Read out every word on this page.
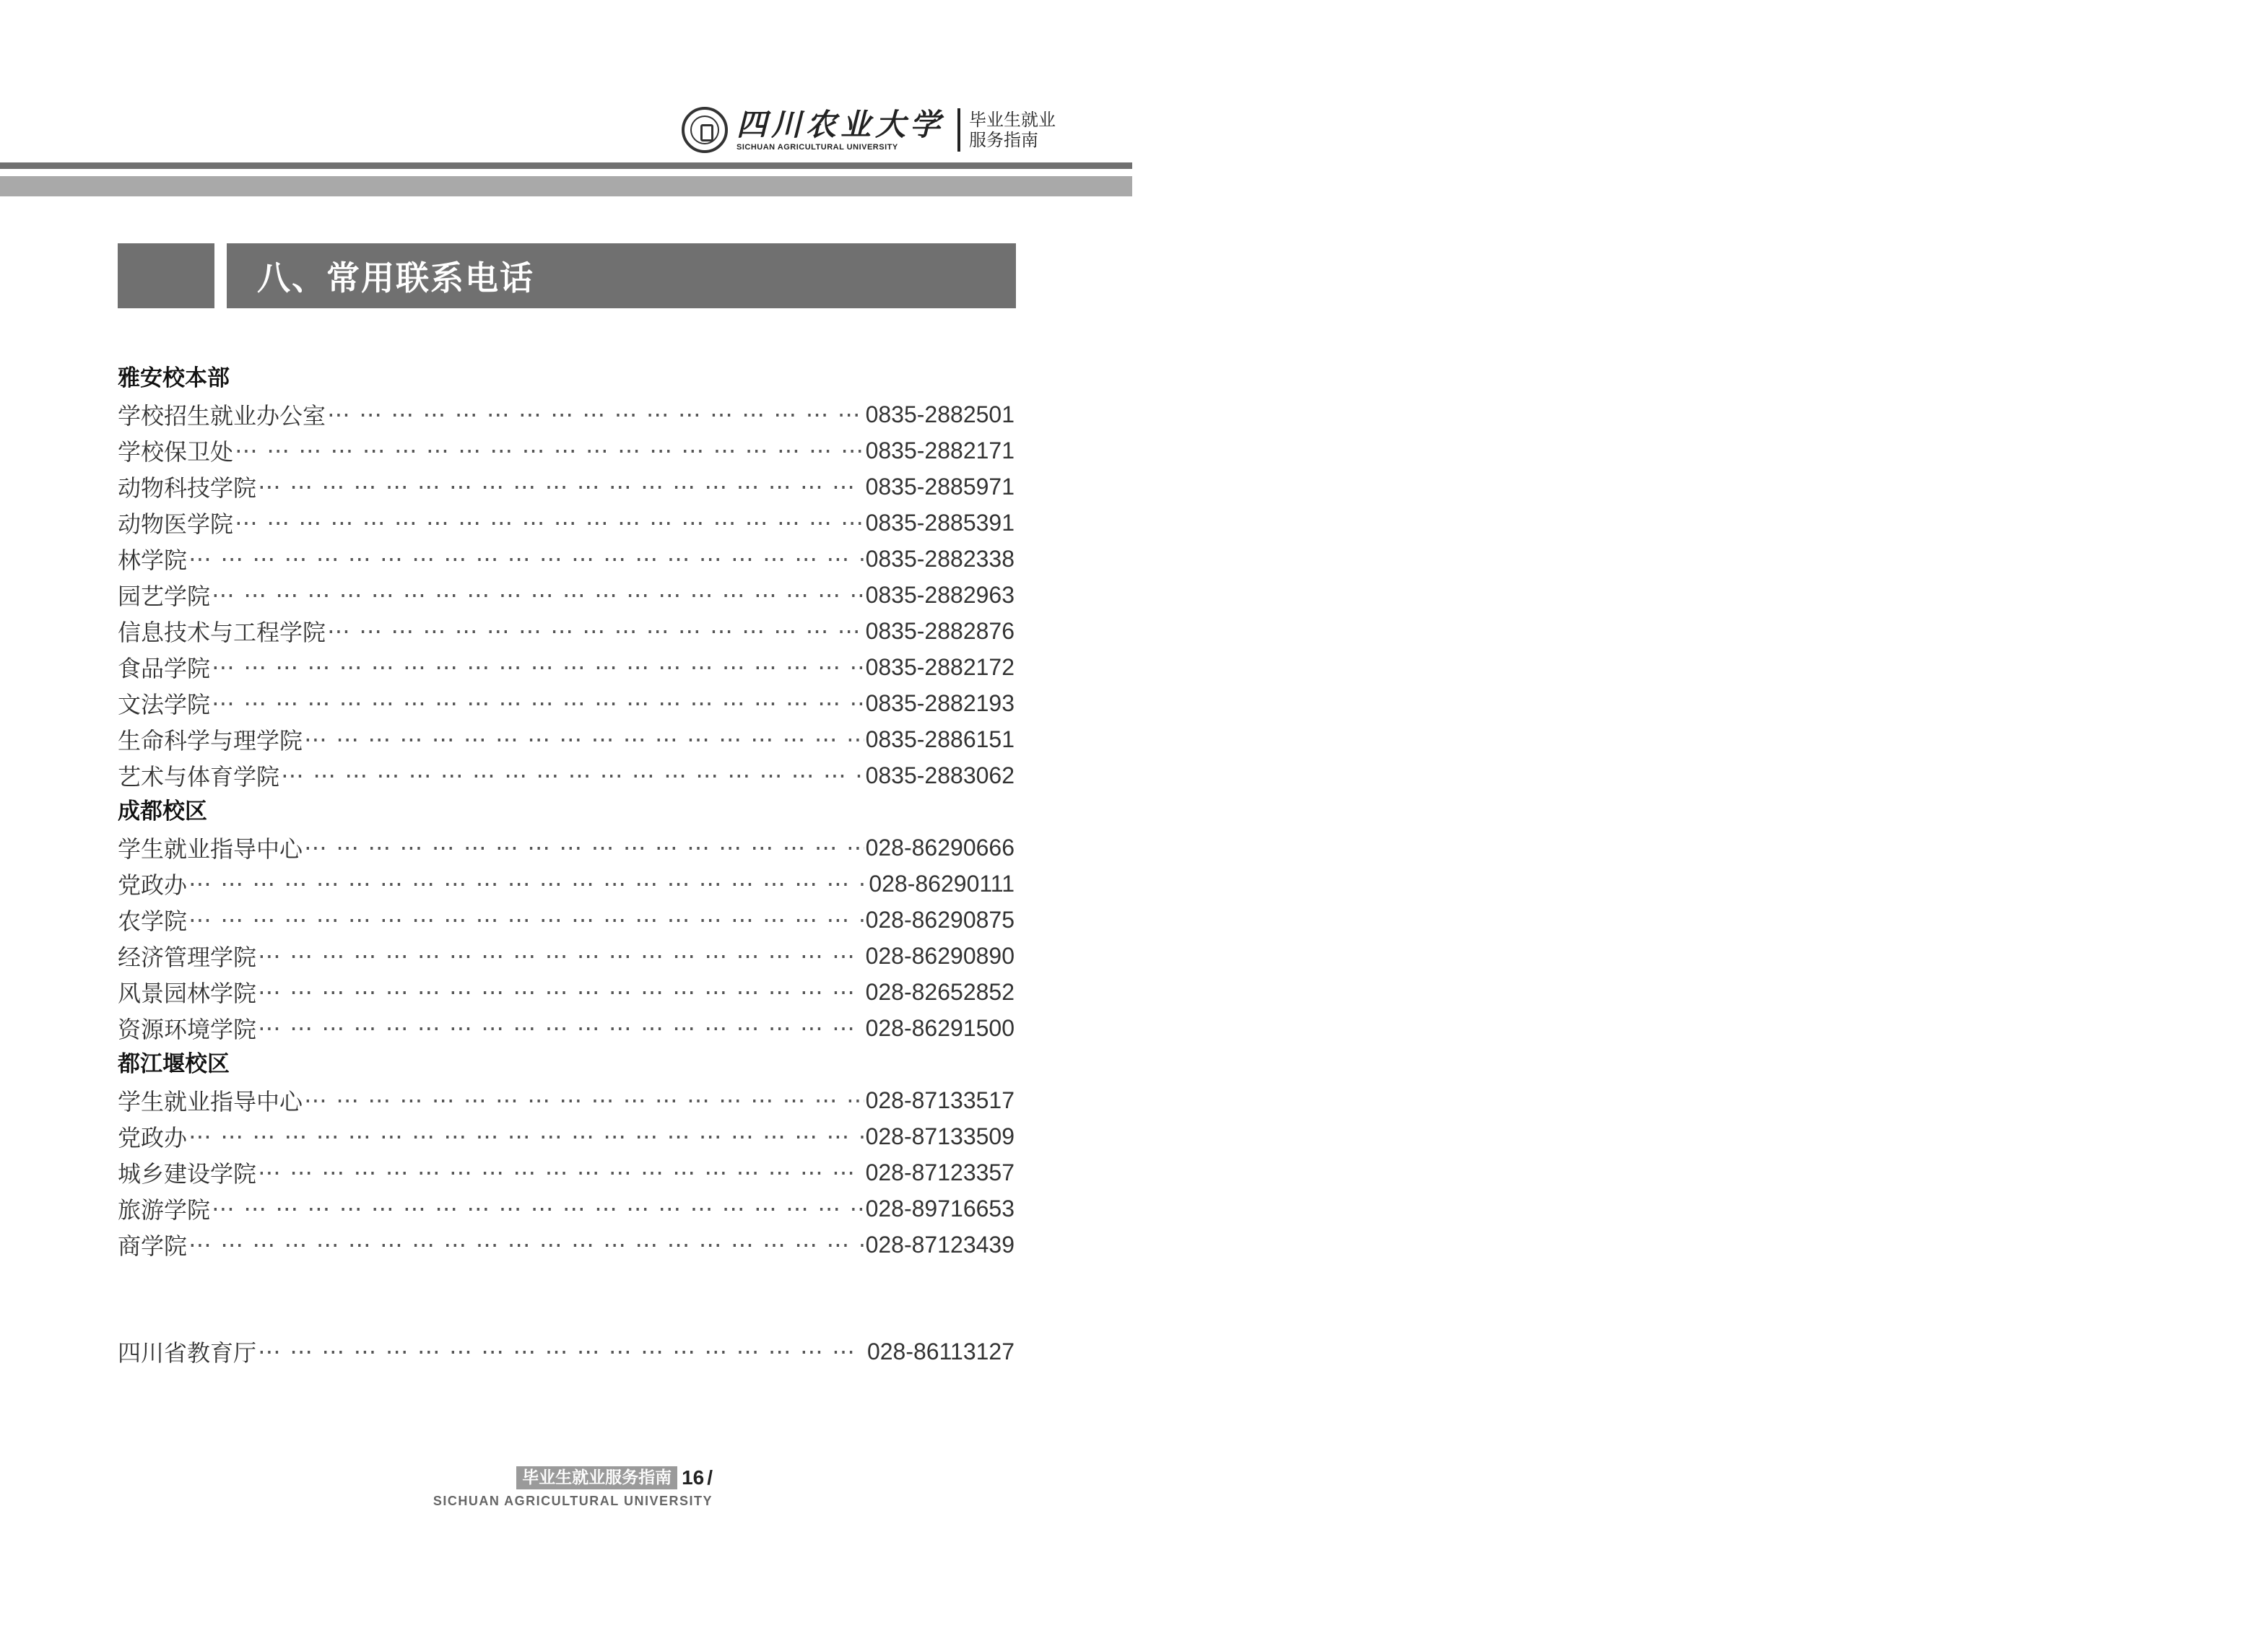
四川农业大学
SICHUAN AGRICULTURAL UNIVERSITY
毕业生就业
服务指南
八、常用联系电话
雅安校本部
学校招生就业办公室 ⋯ ⋯ ⋯ ⋯ ⋯ ⋯ ⋯ ⋯ ⋯ ⋯ ⋯ ⋯ ⋯ ⋯ ⋯ ⋯ ⋯ ⋯ ⋯ ⋯ ⋯ ⋯ ⋯ ⋯ ⋯ ⋯ ⋯ ⋯ ⋯ ⋯ ⋯ ⋯ ⋯ ⋯ ⋯ ⋯ ⋯ ⋯ ⋯ ⋯ ⋯ ⋯ ⋯ ⋯ ⋯ ⋯ ⋯ ⋯ ⋯ ⋯ ⋯ ⋯ ⋯ ⋯ ⋯ ⋯ ⋯ ⋯ ⋯ ⋯ ⋯ ⋯ ⋯ ⋯ ⋯ ⋯ ⋯ ⋯ ⋯ ⋯	0835-2882501
学校保卫处 ⋯ ⋯ ⋯ ⋯ ⋯ ⋯ ⋯ ⋯ ⋯ ⋯ ⋯ ⋯ ⋯ ⋯ ⋯ ⋯ ⋯ ⋯ ⋯ ⋯ ⋯ ⋯ ⋯ ⋯ ⋯ ⋯ ⋯ ⋯ ⋯ ⋯ ⋯ ⋯ ⋯ ⋯ ⋯ ⋯ ⋯ ⋯ ⋯ ⋯ ⋯ ⋯ ⋯ ⋯ ⋯ ⋯ ⋯ ⋯ ⋯ ⋯ ⋯ ⋯ ⋯ ⋯ ⋯ ⋯ ⋯ ⋯ ⋯ ⋯ ⋯ ⋯ ⋯ ⋯ ⋯ ⋯ ⋯ ⋯ ⋯ ⋯	0835-2882171
动物科技学院 ⋯ ⋯ ⋯ ⋯ ⋯ ⋯ ⋯ ⋯ ⋯ ⋯ ⋯ ⋯ ⋯ ⋯ ⋯ ⋯ ⋯ ⋯ ⋯ ⋯ ⋯ ⋯ ⋯ ⋯ ⋯ ⋯ ⋯ ⋯ ⋯ ⋯ ⋯ ⋯ ⋯ ⋯ ⋯ ⋯ ⋯ ⋯ ⋯ ⋯ ⋯ ⋯ ⋯ ⋯ ⋯ ⋯ ⋯ ⋯ ⋯ ⋯ ⋯ ⋯ ⋯ ⋯ ⋯ ⋯ ⋯ ⋯ ⋯ ⋯ ⋯ ⋯ ⋯ ⋯ ⋯ ⋯ ⋯ ⋯ ⋯ ⋯	0835-2885971
动物医学院 ⋯ ⋯ ⋯ ⋯ ⋯ ⋯ ⋯ ⋯ ⋯ ⋯ ⋯ ⋯ ⋯ ⋯ ⋯ ⋯ ⋯ ⋯ ⋯ ⋯ ⋯ ⋯ ⋯ ⋯ ⋯ ⋯ ⋯ ⋯ ⋯ ⋯ ⋯ ⋯ ⋯ ⋯ ⋯ ⋯ ⋯ ⋯ ⋯ ⋯ ⋯ ⋯ ⋯ ⋯ ⋯ ⋯ ⋯ ⋯ ⋯ ⋯ ⋯ ⋯ ⋯ ⋯ ⋯ ⋯ ⋯ ⋯ ⋯ ⋯ ⋯ ⋯ ⋯ ⋯ ⋯ ⋯ ⋯ ⋯ ⋯ ⋯	0835-2885391
林学院 ⋯ ⋯ ⋯ ⋯ ⋯ ⋯ ⋯ ⋯ ⋯ ⋯ ⋯ ⋯ ⋯ ⋯ ⋯ ⋯ ⋯ ⋯ ⋯ ⋯ ⋯ ⋯ ⋯ ⋯ ⋯ ⋯ ⋯ ⋯ ⋯ ⋯ ⋯ ⋯ ⋯ ⋯ ⋯ ⋯ ⋯ ⋯ ⋯ ⋯ ⋯ ⋯ ⋯ ⋯ ⋯ ⋯ ⋯ ⋯ ⋯ ⋯ ⋯ ⋯ ⋯ ⋯ ⋯ ⋯ ⋯ ⋯ ⋯ ⋯ ⋯ ⋯ ⋯ ⋯ ⋯ ⋯ ⋯ ⋯ ⋯ ⋯	0835-2882338
园艺学院 ⋯ ⋯ ⋯ ⋯ ⋯ ⋯ ⋯ ⋯ ⋯ ⋯ ⋯ ⋯ ⋯ ⋯ ⋯ ⋯ ⋯ ⋯ ⋯ ⋯ ⋯ ⋯ ⋯ ⋯ ⋯ ⋯ ⋯ ⋯ ⋯ ⋯ ⋯ ⋯ ⋯ ⋯ ⋯ ⋯ ⋯ ⋯ ⋯ ⋯ ⋯ ⋯ ⋯ ⋯ ⋯ ⋯ ⋯ ⋯ ⋯ ⋯ ⋯ ⋯ ⋯ ⋯ ⋯ ⋯ ⋯ ⋯ ⋯ ⋯ ⋯ ⋯ ⋯ ⋯ ⋯ ⋯ ⋯ ⋯ ⋯ ⋯	0835-2882963
信息技术与工程学院 ⋯ ⋯ ⋯ ⋯ ⋯ ⋯ ⋯ ⋯ ⋯ ⋯ ⋯ ⋯ ⋯ ⋯ ⋯ ⋯ ⋯ ⋯ ⋯ ⋯ ⋯ ⋯ ⋯ ⋯ ⋯ ⋯ ⋯ ⋯ ⋯ ⋯ ⋯ ⋯ ⋯ ⋯ ⋯ ⋯ ⋯ ⋯ ⋯ ⋯ ⋯ ⋯ ⋯ ⋯ ⋯ ⋯ ⋯ ⋯ ⋯ ⋯ ⋯ ⋯ ⋯ ⋯ ⋯ ⋯ ⋯ ⋯ ⋯ ⋯ ⋯ ⋯ ⋯ ⋯ ⋯ ⋯ ⋯ ⋯ ⋯ ⋯	0835-2882876
食品学院 ⋯ ⋯ ⋯ ⋯ ⋯ ⋯ ⋯ ⋯ ⋯ ⋯ ⋯ ⋯ ⋯ ⋯ ⋯ ⋯ ⋯ ⋯ ⋯ ⋯ ⋯ ⋯ ⋯ ⋯ ⋯ ⋯ ⋯ ⋯ ⋯ ⋯ ⋯ ⋯ ⋯ ⋯ ⋯ ⋯ ⋯ ⋯ ⋯ ⋯ ⋯ ⋯ ⋯ ⋯ ⋯ ⋯ ⋯ ⋯ ⋯ ⋯ ⋯ ⋯ ⋯ ⋯ ⋯ ⋯ ⋯ ⋯ ⋯ ⋯ ⋯ ⋯ ⋯ ⋯ ⋯ ⋯ ⋯ ⋯ ⋯ ⋯	0835-2882172
文法学院 ⋯ ⋯ ⋯ ⋯ ⋯ ⋯ ⋯ ⋯ ⋯ ⋯ ⋯ ⋯ ⋯ ⋯ ⋯ ⋯ ⋯ ⋯ ⋯ ⋯ ⋯ ⋯ ⋯ ⋯ ⋯ ⋯ ⋯ ⋯ ⋯ ⋯ ⋯ ⋯ ⋯ ⋯ ⋯ ⋯ ⋯ ⋯ ⋯ ⋯ ⋯ ⋯ ⋯ ⋯ ⋯ ⋯ ⋯ ⋯ ⋯ ⋯ ⋯ ⋯ ⋯ ⋯ ⋯ ⋯ ⋯ ⋯ ⋯ ⋯ ⋯ ⋯ ⋯ ⋯ ⋯ ⋯ ⋯ ⋯ ⋯ ⋯	0835-2882193
生命科学与理学院 ⋯ ⋯ ⋯ ⋯ ⋯ ⋯ ⋯ ⋯ ⋯ ⋯ ⋯ ⋯ ⋯ ⋯ ⋯ ⋯ ⋯ ⋯ ⋯ ⋯ ⋯ ⋯ ⋯ ⋯ ⋯ ⋯ ⋯ ⋯ ⋯ ⋯ ⋯ ⋯ ⋯ ⋯ ⋯ ⋯ ⋯ ⋯ ⋯ ⋯ ⋯ ⋯ ⋯ ⋯ ⋯ ⋯ ⋯ ⋯ ⋯ ⋯ ⋯ ⋯ ⋯ ⋯ ⋯ ⋯ ⋯ ⋯ ⋯ ⋯ ⋯ ⋯ ⋯ ⋯ ⋯ ⋯ ⋯ ⋯ ⋯ ⋯	0835-2886151
艺术与体育学院 ⋯ ⋯ ⋯ ⋯ ⋯ ⋯ ⋯ ⋯ ⋯ ⋯ ⋯ ⋯ ⋯ ⋯ ⋯ ⋯ ⋯ ⋯ ⋯ ⋯ ⋯ ⋯ ⋯ ⋯ ⋯ ⋯ ⋯ ⋯ ⋯ ⋯ ⋯ ⋯ ⋯ ⋯ ⋯ ⋯ ⋯ ⋯ ⋯ ⋯ ⋯ ⋯ ⋯ ⋯ ⋯ ⋯ ⋯ ⋯ ⋯ ⋯ ⋯ ⋯ ⋯ ⋯ ⋯ ⋯ ⋯ ⋯ ⋯ ⋯ ⋯ ⋯ ⋯ ⋯ ⋯ ⋯ ⋯ ⋯ ⋯ ⋯	0835-2883062
成都校区
学生就业指导中心 ⋯ ⋯ ⋯ ⋯ ⋯ ⋯ ⋯ ⋯ ⋯ ⋯ ⋯ ⋯ ⋯ ⋯ ⋯ ⋯ ⋯ ⋯ ⋯ ⋯ ⋯ ⋯ ⋯ ⋯ ⋯ ⋯ ⋯ ⋯ ⋯ ⋯ ⋯ ⋯ ⋯ ⋯ ⋯ ⋯ ⋯ ⋯ ⋯ ⋯ ⋯ ⋯ ⋯ ⋯ ⋯ ⋯ ⋯ ⋯ ⋯ ⋯ ⋯ ⋯ ⋯ ⋯ ⋯ ⋯ ⋯ ⋯ ⋯ ⋯ ⋯ ⋯ ⋯ ⋯ ⋯ ⋯ ⋯ ⋯ ⋯ ⋯	028-86290666
党政办 ⋯ ⋯ ⋯ ⋯ ⋯ ⋯ ⋯ ⋯ ⋯ ⋯ ⋯ ⋯ ⋯ ⋯ ⋯ ⋯ ⋯ ⋯ ⋯ ⋯ ⋯ ⋯ ⋯ ⋯ ⋯ ⋯ ⋯ ⋯ ⋯ ⋯ ⋯ ⋯ ⋯ ⋯ ⋯ ⋯ ⋯ ⋯ ⋯ ⋯ ⋯ ⋯ ⋯ ⋯ ⋯ ⋯ ⋯ ⋯ ⋯ ⋯ ⋯ ⋯ ⋯ ⋯ ⋯ ⋯ ⋯ ⋯ ⋯ ⋯ ⋯ ⋯ ⋯ ⋯ ⋯ ⋯ ⋯ ⋯ ⋯ ⋯	028-86290111
农学院 ⋯ ⋯ ⋯ ⋯ ⋯ ⋯ ⋯ ⋯ ⋯ ⋯ ⋯ ⋯ ⋯ ⋯ ⋯ ⋯ ⋯ ⋯ ⋯ ⋯ ⋯ ⋯ ⋯ ⋯ ⋯ ⋯ ⋯ ⋯ ⋯ ⋯ ⋯ ⋯ ⋯ ⋯ ⋯ ⋯ ⋯ ⋯ ⋯ ⋯ ⋯ ⋯ ⋯ ⋯ ⋯ ⋯ ⋯ ⋯ ⋯ ⋯ ⋯ ⋯ ⋯ ⋯ ⋯ ⋯ ⋯ ⋯ ⋯ ⋯ ⋯ ⋯ ⋯ ⋯ ⋯ ⋯ ⋯ ⋯ ⋯ ⋯	028-86290875
经济管理学院 ⋯ ⋯ ⋯ ⋯ ⋯ ⋯ ⋯ ⋯ ⋯ ⋯ ⋯ ⋯ ⋯ ⋯ ⋯ ⋯ ⋯ ⋯ ⋯ ⋯ ⋯ ⋯ ⋯ ⋯ ⋯ ⋯ ⋯ ⋯ ⋯ ⋯ ⋯ ⋯ ⋯ ⋯ ⋯ ⋯ ⋯ ⋯ ⋯ ⋯ ⋯ ⋯ ⋯ ⋯ ⋯ ⋯ ⋯ ⋯ ⋯ ⋯ ⋯ ⋯ ⋯ ⋯ ⋯ ⋯ ⋯ ⋯ ⋯ ⋯ ⋯ ⋯ ⋯ ⋯ ⋯ ⋯ ⋯ ⋯ ⋯ ⋯	028-86290890
风景园林学院 ⋯ ⋯ ⋯ ⋯ ⋯ ⋯ ⋯ ⋯ ⋯ ⋯ ⋯ ⋯ ⋯ ⋯ ⋯ ⋯ ⋯ ⋯ ⋯ ⋯ ⋯ ⋯ ⋯ ⋯ ⋯ ⋯ ⋯ ⋯ ⋯ ⋯ ⋯ ⋯ ⋯ ⋯ ⋯ ⋯ ⋯ ⋯ ⋯ ⋯ ⋯ ⋯ ⋯ ⋯ ⋯ ⋯ ⋯ ⋯ ⋯ ⋯ ⋯ ⋯ ⋯ ⋯ ⋯ ⋯ ⋯ ⋯ ⋯ ⋯ ⋯ ⋯ ⋯ ⋯ ⋯ ⋯ ⋯ ⋯ ⋯ ⋯	028-82652852
资源环境学院 ⋯ ⋯ ⋯ ⋯ ⋯ ⋯ ⋯ ⋯ ⋯ ⋯ ⋯ ⋯ ⋯ ⋯ ⋯ ⋯ ⋯ ⋯ ⋯ ⋯ ⋯ ⋯ ⋯ ⋯ ⋯ ⋯ ⋯ ⋯ ⋯ ⋯ ⋯ ⋯ ⋯ ⋯ ⋯ ⋯ ⋯ ⋯ ⋯ ⋯ ⋯ ⋯ ⋯ ⋯ ⋯ ⋯ ⋯ ⋯ ⋯ ⋯ ⋯ ⋯ ⋯ ⋯ ⋯ ⋯ ⋯ ⋯ ⋯ ⋯ ⋯ ⋯ ⋯ ⋯ ⋯ ⋯ ⋯ ⋯ ⋯ ⋯	028-86291500
都江堰校区
学生就业指导中心 ⋯ ⋯ ⋯ ⋯ ⋯ ⋯ ⋯ ⋯ ⋯ ⋯ ⋯ ⋯ ⋯ ⋯ ⋯ ⋯ ⋯ ⋯ ⋯ ⋯ ⋯ ⋯ ⋯ ⋯ ⋯ ⋯ ⋯ ⋯ ⋯ ⋯ ⋯ ⋯ ⋯ ⋯ ⋯ ⋯ ⋯ ⋯ ⋯ ⋯ ⋯ ⋯ ⋯ ⋯ ⋯ ⋯ ⋯ ⋯ ⋯ ⋯ ⋯ ⋯ ⋯ ⋯ ⋯ ⋯ ⋯ ⋯ ⋯ ⋯ ⋯ ⋯ ⋯ ⋯ ⋯ ⋯ ⋯ ⋯ ⋯ ⋯	028-87133517
党政办 ⋯ ⋯ ⋯ ⋯ ⋯ ⋯ ⋯ ⋯ ⋯ ⋯ ⋯ ⋯ ⋯ ⋯ ⋯ ⋯ ⋯ ⋯ ⋯ ⋯ ⋯ ⋯ ⋯ ⋯ ⋯ ⋯ ⋯ ⋯ ⋯ ⋯ ⋯ ⋯ ⋯ ⋯ ⋯ ⋯ ⋯ ⋯ ⋯ ⋯ ⋯ ⋯ ⋯ ⋯ ⋯ ⋯ ⋯ ⋯ ⋯ ⋯ ⋯ ⋯ ⋯ ⋯ ⋯ ⋯ ⋯ ⋯ ⋯ ⋯ ⋯ ⋯ ⋯ ⋯ ⋯ ⋯ ⋯ ⋯ ⋯ ⋯	028-87133509
城乡建设学院 ⋯ ⋯ ⋯ ⋯ ⋯ ⋯ ⋯ ⋯ ⋯ ⋯ ⋯ ⋯ ⋯ ⋯ ⋯ ⋯ ⋯ ⋯ ⋯ ⋯ ⋯ ⋯ ⋯ ⋯ ⋯ ⋯ ⋯ ⋯ ⋯ ⋯ ⋯ ⋯ ⋯ ⋯ ⋯ ⋯ ⋯ ⋯ ⋯ ⋯ ⋯ ⋯ ⋯ ⋯ ⋯ ⋯ ⋯ ⋯ ⋯ ⋯ ⋯ ⋯ ⋯ ⋯ ⋯ ⋯ ⋯ ⋯ ⋯ ⋯ ⋯ ⋯ ⋯ ⋯ ⋯ ⋯ ⋯ ⋯ ⋯ ⋯	028-87123357
旅游学院 ⋯ ⋯ ⋯ ⋯ ⋯ ⋯ ⋯ ⋯ ⋯ ⋯ ⋯ ⋯ ⋯ ⋯ ⋯ ⋯ ⋯ ⋯ ⋯ ⋯ ⋯ ⋯ ⋯ ⋯ ⋯ ⋯ ⋯ ⋯ ⋯ ⋯ ⋯ ⋯ ⋯ ⋯ ⋯ ⋯ ⋯ ⋯ ⋯ ⋯ ⋯ ⋯ ⋯ ⋯ ⋯ ⋯ ⋯ ⋯ ⋯ ⋯ ⋯ ⋯ ⋯ ⋯ ⋯ ⋯ ⋯ ⋯ ⋯ ⋯ ⋯ ⋯ ⋯ ⋯ ⋯ ⋯ ⋯ ⋯ ⋯ ⋯	028-89716653
商学院 ⋯ ⋯ ⋯ ⋯ ⋯ ⋯ ⋯ ⋯ ⋯ ⋯ ⋯ ⋯ ⋯ ⋯ ⋯ ⋯ ⋯ ⋯ ⋯ ⋯ ⋯ ⋯ ⋯ ⋯ ⋯ ⋯ ⋯ ⋯ ⋯ ⋯ ⋯ ⋯ ⋯ ⋯ ⋯ ⋯ ⋯ ⋯ ⋯ ⋯ ⋯ ⋯ ⋯ ⋯ ⋯ ⋯ ⋯ ⋯ ⋯ ⋯ ⋯ ⋯ ⋯ ⋯ ⋯ ⋯ ⋯ ⋯ ⋯ ⋯ ⋯ ⋯ ⋯ ⋯ ⋯ ⋯ ⋯ ⋯ ⋯ ⋯	028-87123439
四川省教育厅 ⋯ ⋯ ⋯ ⋯ ⋯ ⋯ ⋯ ⋯ ⋯ ⋯ ⋯ ⋯ ⋯ ⋯ ⋯ ⋯ ⋯ ⋯ ⋯ ⋯ ⋯ ⋯ ⋯ ⋯ ⋯ ⋯ ⋯ ⋯ ⋯ ⋯ ⋯ ⋯ ⋯ ⋯ ⋯ ⋯ ⋯ ⋯ ⋯ ⋯ ⋯ ⋯ ⋯ ⋯ ⋯ ⋯ ⋯ ⋯ ⋯ ⋯ ⋯ ⋯ ⋯ ⋯ ⋯ ⋯ ⋯ ⋯ ⋯ ⋯ ⋯ ⋯ ⋯ ⋯ ⋯ ⋯ ⋯ ⋯ ⋯ ⋯	028-86113127
毕业生就业服务指南 16 /
SICHUAN AGRICULTURAL UNIVERSITY
